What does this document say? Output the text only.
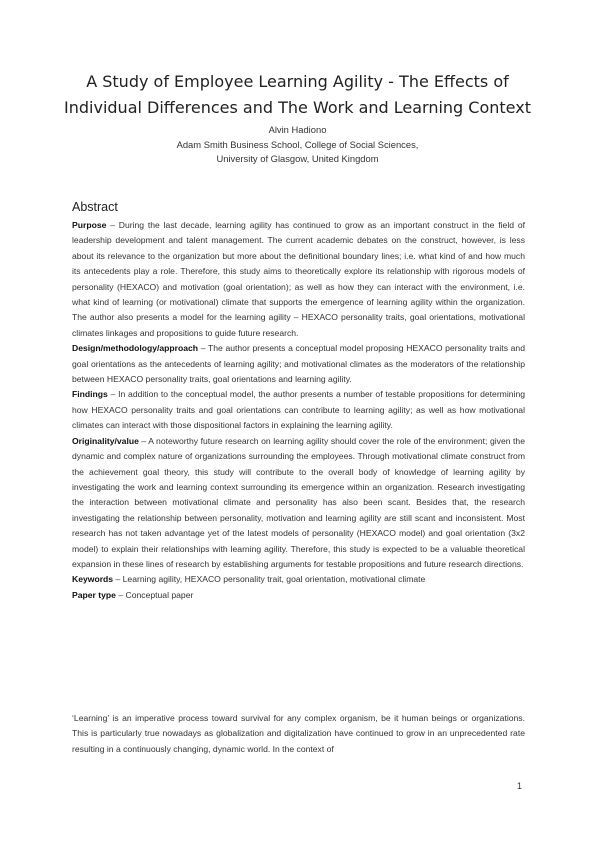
A Study of Employee Learning Agility - The Effects of
Individual Differences and The Work and Learning Context
Alvin Hadiono
Adam Smith Business School, College of Social Sciences,
University of Glasgow, United Kingdom
Abstract

Purpose – During the last decade, learning agility has continued to grow as an important construct in the field of leadership development and talent management. The current academic debates on the construct, however, is less about its relevance to the organization but more about the definitional boundary lines; i.e. what kind of and how much its antecedents play a role. Therefore, this study aims to theoretically explore its relationship with rigorous models of personality (HEXACO) and motivation (goal orientation); as well as how they can interact with the environment, i.e. what kind of learning (or motivational) climate that supports the emergence of learning agility within the organization. The author also presents a model for the learning agility – HEXACO personality traits, goal orientations, motivational climates linkages and propositions to guide future research.

Design/methodology/approach – The author presents a conceptual model proposing HEXACO personality traits and goal orientations as the antecedents of learning agility; and motivational climates as the moderators of the relationship between HEXACO personality traits, goal orientations and learning agility.

Findings – In addition to the conceptual model, the author presents a number of testable propositions for determining how HEXACO personality traits and goal orientations can contribute to learning agility; as well as how motivational climates can interact with those dispositional factors in explaining the learning agility.

Originality/value – A noteworthy future research on learning agility should cover the role of the environment; given the dynamic and complex nature of organizations surrounding the employees. Through motivational climate construct from the achievement goal theory, this study will contribute to the overall body of knowledge of learning agility by investigating the work and learning context surrounding its emergence within an organization. Research investigating the interaction between motivational climate and personality has also been scant. Besides that, the research investigating the relationship between personality, motivation and learning agility are still scant and inconsistent. Most research has not taken advantage yet of the latest models of personality (HEXACO model) and goal orientation (3x2 model) to explain their relationships with learning agility. Therefore, this study is expected to be a valuable theoretical expansion in these lines of research by establishing arguments for testable propositions and future research directions.

Keywords – Learning agility, HEXACO personality trait, goal orientation, motivational climate

Paper type – Conceptual paper

‘Learning’ is an imperative process toward survival for any complex organism, be it human beings or organizations. This is particularly true nowadays as globalization and digitalization have continued to grow in an unprecedented rate resulting in a continuously changing, dynamic world. In the context of

1
